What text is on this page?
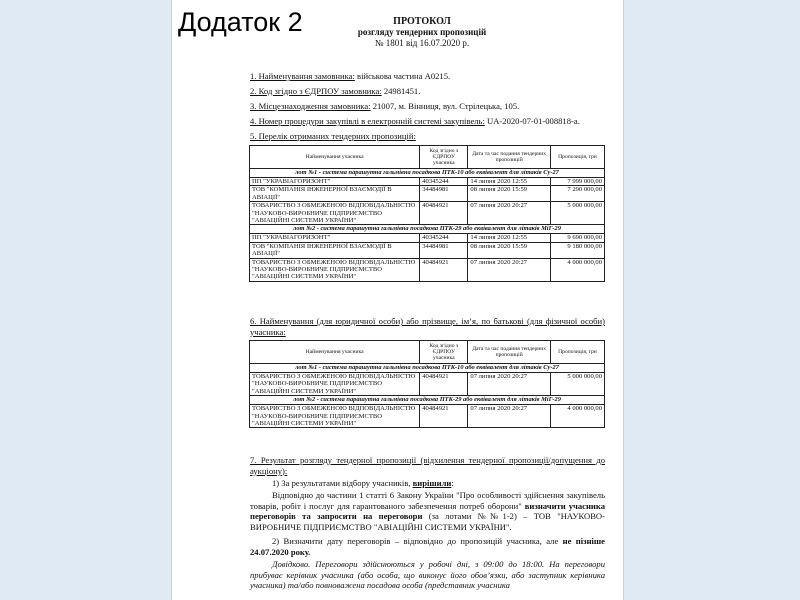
Додаток 2	ПРОТОКОЛ
розгляду тендерних пропозицій
№ 1801 від 16.07.2020 р.
1. Найменування замовника: військова частина А0215.
2. Код згідно з ЄДРПОУ замовника: 24981451.
3. Місцезнаходження замовника: 21007, м. Вінниця, вул. Стрілецька, 105.
4. Номер процедури закупівлі в електронній системі закупівель: UA-2020-07-01-008818-a.
5. Перелік отриманих тендерних пропозицій:
Найменування учасника	Код згідно з ЄДРПОУ учасника	Дата та час подання тендерних пропозицій	Пропозиція, грн
лот №1 - система парашутна гальмівна посадкова ПТК-10 або еквівалент для літаків Су-27			
ПП "УКРАВІАГОРИЗОНТ"	40345244	14 липня 2020 12:55	7 999 000,00
ТОВ "КОМПАНІЯ ІНЖЕНЕРНОЇ ВЗАЄМОДІЇ В АВІАЦІЇ"	34484981	08 липня 2020 15:59	7 290 000,00
ТОВАРИСТВО З ОБМЕЖЕНОЮ ВІДПОВІДАЛЬНІСТЮ "НАУКОВО-ВИРОБНИЧЕ ПІДПРИЄМСТВО "АВІАЦІЙНІ СИСТЕМИ УКРАЇНИ"	40484921	07 липня 2020 20:27	5 000 000,00
лот №2 - система парашутна гальмівна посадкова ПТК-29 або еквівалент для літаків МіГ-29			
ПП "УКРАВІАГОРИЗОНТ"	40345244	14 липня 2020 12:55	9 690 000,00
ТОВ "КОМПАНІЯ ІНЖЕНЕРНОЇ ВЗАЄМОДІЇ В АВІАЦІЇ"	34484981	08 липня 2020 15:59	9 180 000,00
ТОВАРИСТВО З ОБМЕЖЕНОЮ ВІДПОВІДАЛЬНІСТЮ "НАУКОВО-ВИРОБНИЧЕ ПІДПРИЄМСТВО "АВІАЦІЙНІ СИСТЕМИ УКРАЇНИ"	40484921	07 липня 2020 20:27	4 000 000,00
6. Найменування (для юридичної особи) або прізвище, ім’я, по батькові (для фізичної особи) учасника:
Найменування учасника	Код згідно з ЄДРПОУ учасника	Дата та час подання тендерних пропозицій	Пропозиція, грн
лот №1 - система парашутна гальмівна посадкова ПТК-10 або еквівалент для літаків Су-27			
ТОВАРИСТВО З ОБМЕЖЕНОЮ ВІДПОВІДАЛЬНІСТЮ "НАУКОВО-ВИРОБНИЧЕ ПІДПРИЄМСТВО "АВІАЦІЙНІ СИСТЕМИ УКРАЇНИ"	40484921	07 липня 2020 20:27	5 000 000,00
лот №2 - система парашутна гальмівна посадкова ПТК-29 або еквівалент для літаків МіГ-29			
ТОВАРИСТВО З ОБМЕЖЕНОЮ ВІДПОВІДАЛЬНІСТЮ "НАУКОВО-ВИРОБНИЧЕ ПІДПРИЄМСТВО "АВІАЦІЙНІ СИСТЕМИ УКРАЇНИ"	40484921	07 липня 2020 20:27	4 000 000,00
7. Результат розгляду тендерної пропозиції (відхилення тендерної пропозиції/допущення до аукціону):
1) За результатами відбору учасників, вирішили:
Відповідно до частини 1 статті 6 Закону України "Про особливості здійснення закупівель товарів, робіт і послуг для гарантованого забезпечення потреб оборони" визначити учасника переговорів та запросити на переговори (за лотами №№1-2) – ТОВ "НАУКОВО-ВИРОБНИЧЕ ПІДПРИЄМСТВО "АВІАЦІЙНІ СИСТЕМИ УКРАЇНИ".
2) Визначити дату переговорів – відповідно до пропозицій учасника, але не пізніше 24.07.2020 року.
Довідково. Переговори здійснюються у робочі дні, з 09:00 до 18:00. На переговори прибуває керівник учасника (або особа, що виконує його обов’язки, або заступник керівника учасника) та/або повноважена посадова особа (представник учасника
